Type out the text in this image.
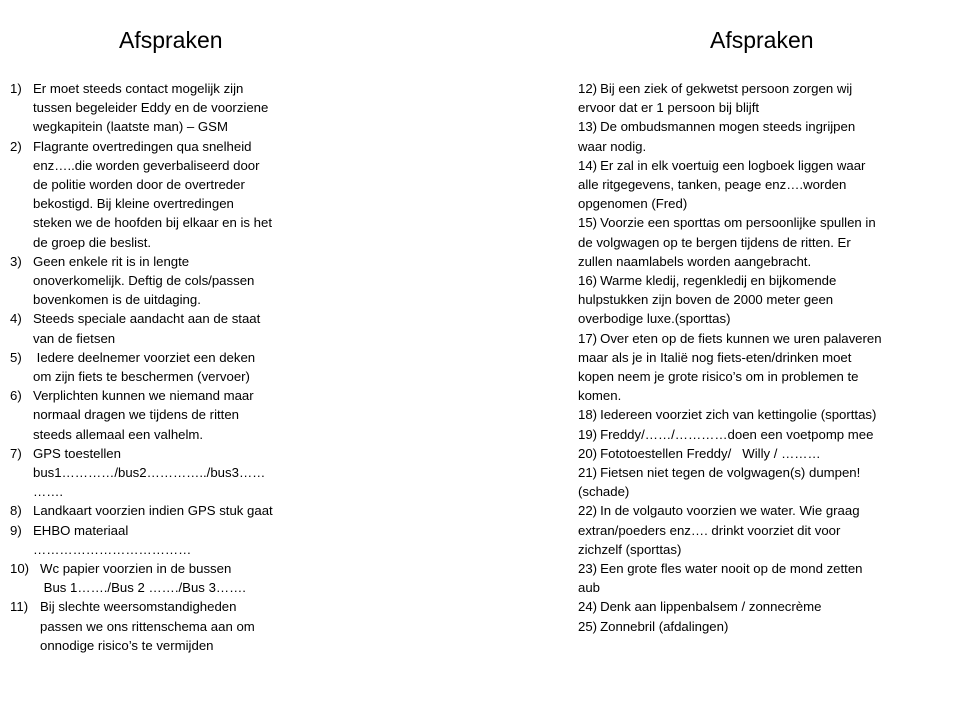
Afspraken
1) Er moet steeds contact mogelijk zijn
tussen begeleider Eddy en de voorziene
wegkapitein (laatste man) – GSM
2) Flagrante overtredingen qua snelheid
enz…..die worden geverbaliseerd door
de politie worden door de overtreder
bekostigd. Bij kleine overtredingen
steken we de hoofden bij elkaar en is het
de groep die beslist.
3) Geen enkele rit is in lengte
onoverkomelijk. Deftig de cols/passen
bovenkomen is de uitdaging.
4) Steeds speciale aandacht aan de staat
van de fietsen
5) Iedere deelnemer voorziet een deken
om zijn fiets te beschermen (vervoer)
6) Verplichten kunnen we niemand maar
normaal dragen we tijdens de ritten
steeds allemaal een valhelm.
7) GPS toestellen
bus1…………/bus2…………../bus3……
…….
8) Landkaart voorzien indien GPS stuk gaat
9) EHBO materiaal
………………………………
10) Wc papier voorzien in de bussen
Bus 1……./Bus 2 ……./Bus 3…….
11) Bij slechte weersomstandigheden
passen we ons rittenschema aan om
onnodige risico’s te vermijden
Afspraken
12) Bij een ziek of gekwetst persoon zorgen wij
ervoor dat er 1 persoon bij blijft
13) De ombudsmannen mogen steeds ingrijpen
waar nodig.
14) Er zal in elk voertuig een logboek liggen waar
alle ritgegevens, tanken, peage enz….worden
opgenomen (Fred)
15) Voorzie een sporttas om persoonlijke spullen in
de volgwagen op te bergen tijdens de ritten. Er
zullen naamlabels worden aangebracht.
16) Warme kledij, regenkledij en bijkomende
hulpstukken zijn boven de 2000 meter geen
overbodige luxe.(sporttas)
17) Over eten op de fiets kunnen we uren palaveren
maar als je in Italië nog fiets-eten/drinken moet
kopen neem je grote risico’s om in problemen te
komen.
18) Iedereen voorziet zich van kettingolie (sporttas)
19) Freddy/……/…………doen een voetpomp mee
20) Fototoestellen Freddy/   Willy / ………
21) Fietsen niet tegen de volgwagen(s) dumpen!
(schade)
22) In de volgauto voorzien we water. Wie graag
extran/poeders enz…. drinkt voorziet dit voor
zichzelf (sporttas)
23) Een grote fles water nooit op de mond zetten
aub
24) Denk aan lippenbalsem / zonnecrème
25) Zonnebril (afdalingen)
